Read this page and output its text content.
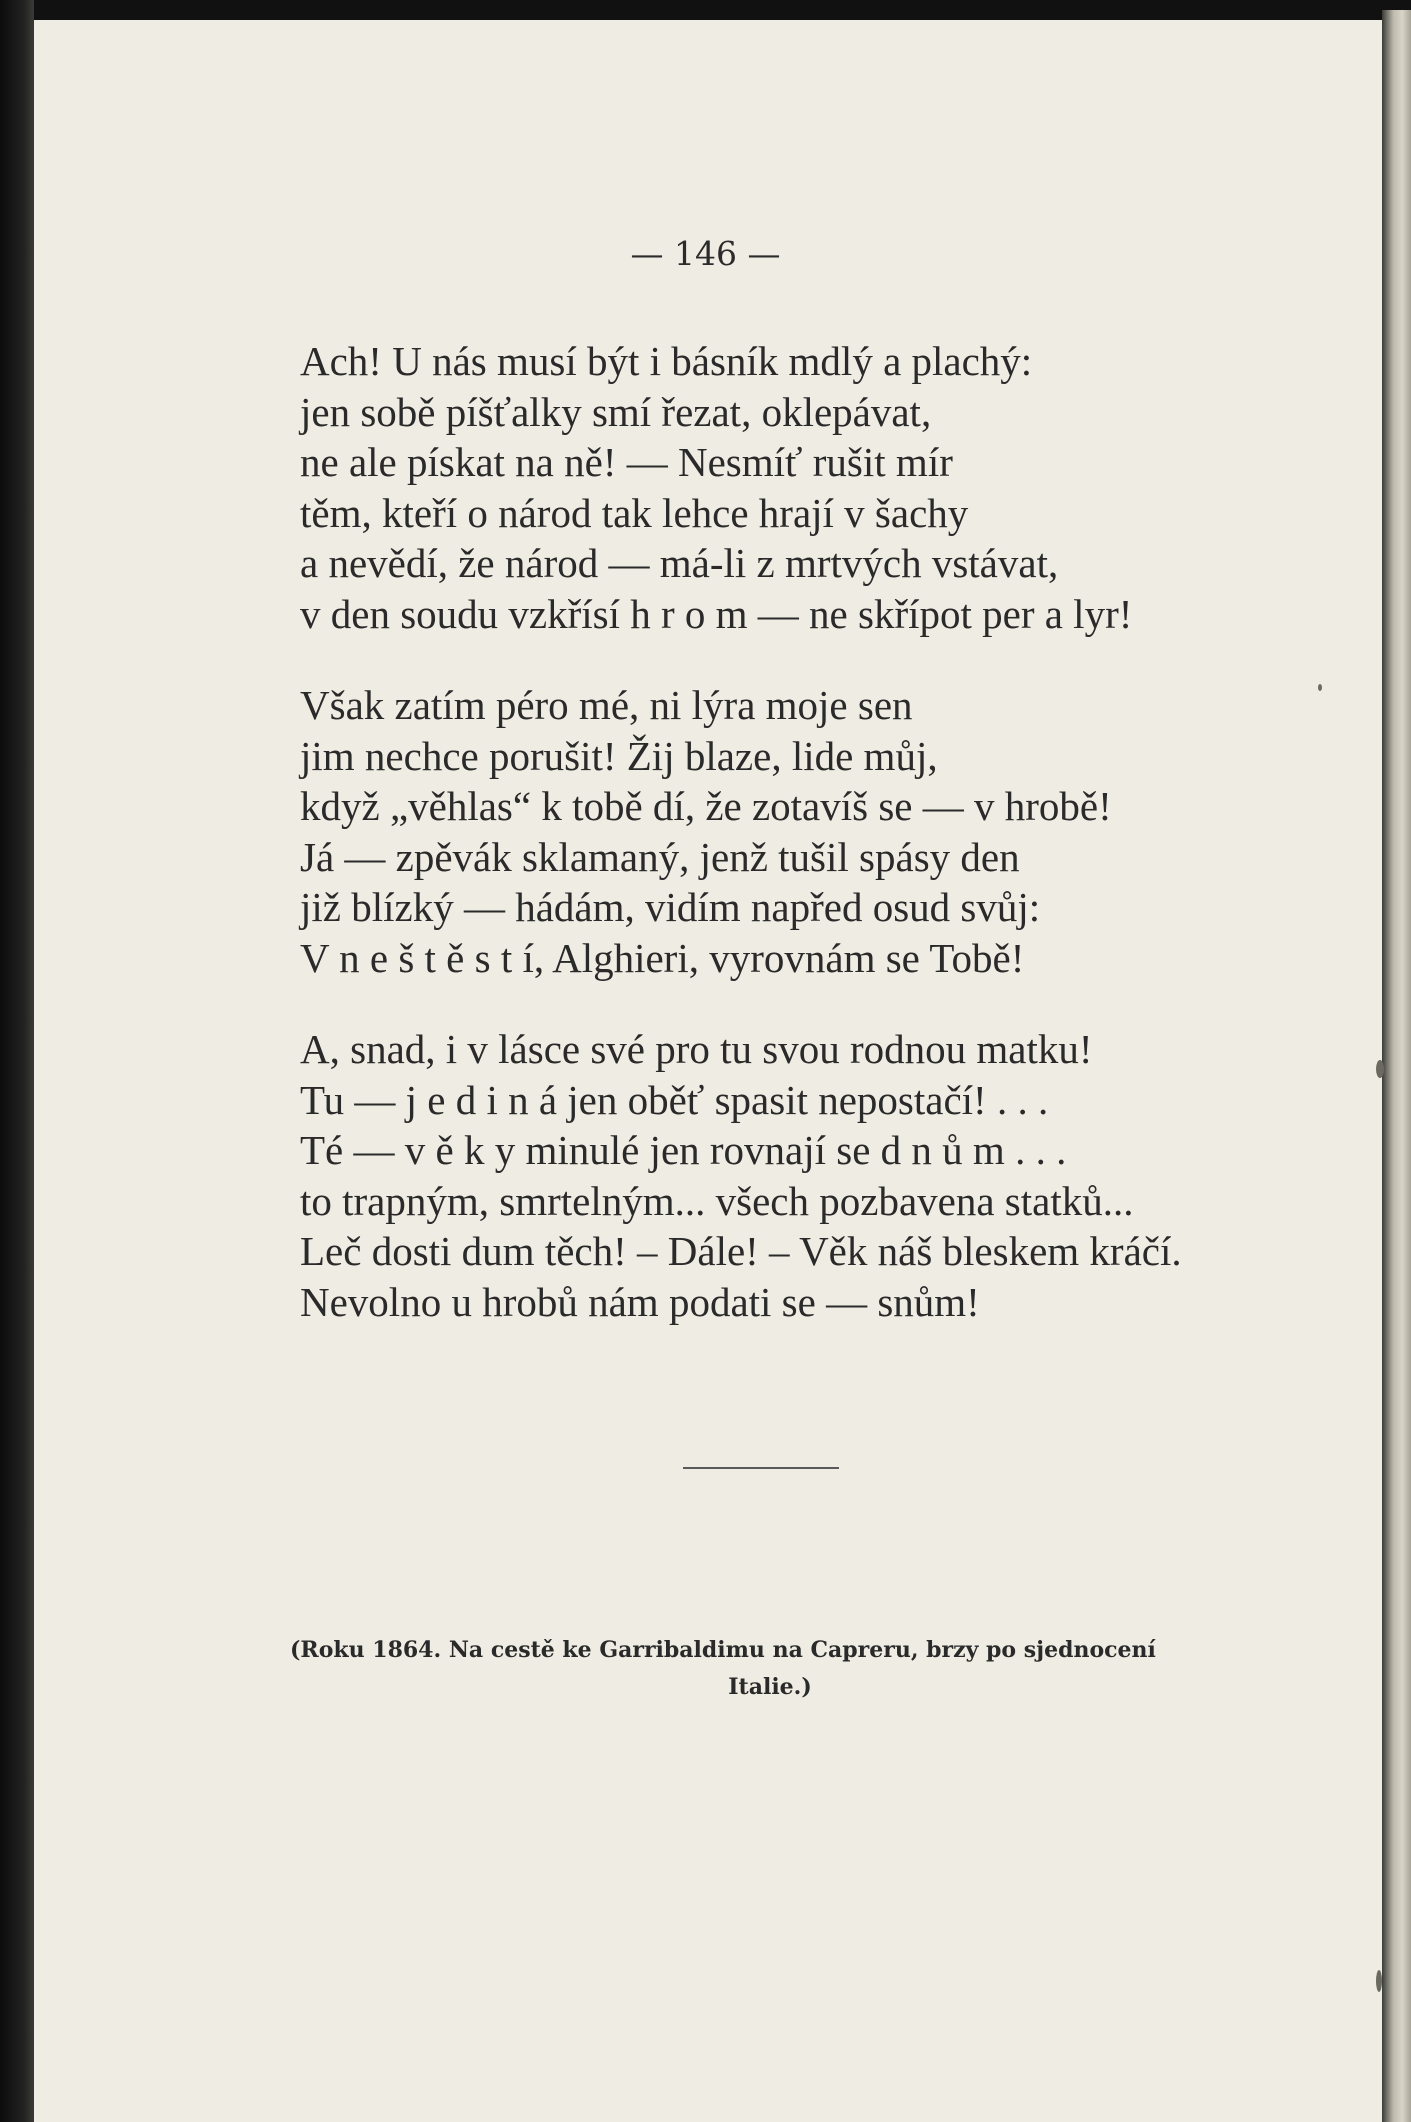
— 146 —
Ach! U nás musí být i básník mdlý a plachý:
jen sobě píšťalky smí řezat, oklepávat,
ne ale pískat na ně! — Nesmíť rušit mír
těm, kteří o národ tak lehce hrají v šachy
a nevědí, že národ — má-li z mrtvých vstávat,
v den soudu vzkřísí h r o m — ne skřípot per a lyr!
Však zatím péro mé, ni lýra moje sen
jim nechce porušit! Žij blaze, lide můj,
když „věhlas“ k tobě dí, že zotavíš se — v hrobě!
Já — zpěvák sklamaný, jenž tušil spásy den
již blízký — hádám, vidím napřed osud svůj:
V n e š t ě s t í, Alghieri, vyrovnám se Tobě!
A, snad, i v lásce své pro tu svou rodnou matku!
Tu — j e d i n á jen oběť spasit nepostačí! . . .
Té — v ě k y minulé jen rovnají se d n ů m . . .
to trapným, smrtelným... všech pozbavena statků...
Leč dosti dum těch! – Dále! – Věk náš bleskem kráčí.
Nevolno u hrobů nám podati se — snům!
(Roku 1864. Na cestě ke Garribaldimu na Capreru, brzy po sjednocení
Italie.)
